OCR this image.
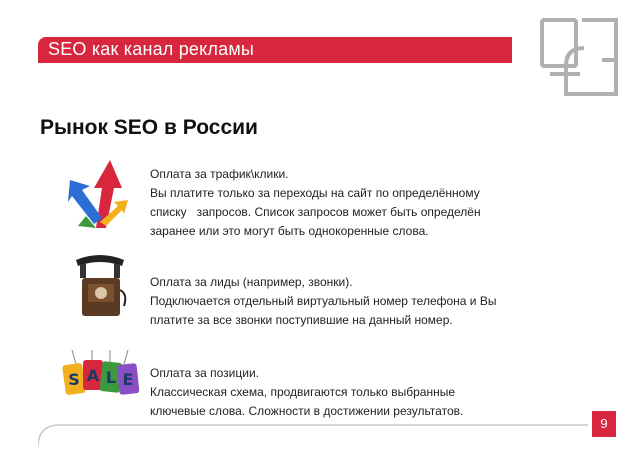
SEO как канал рекламы
Рынок SEO в России
Оплата за трафик\клики.
Вы платите только за переходы на сайт по определённому
списку   запросов. Список запросов может быть определён
заранее или это могут быть однокоренные слова.
Оплата за лиды (например, звонки).
Подключается отдельный виртуальный номер телефона и Вы
платите за все звонки поступившие на данный номер.
S A L E Оплата за позиции.
Классическая схема, продвигаются только выбранные
ключевые слова. Сложности в достижении результатов.
9
